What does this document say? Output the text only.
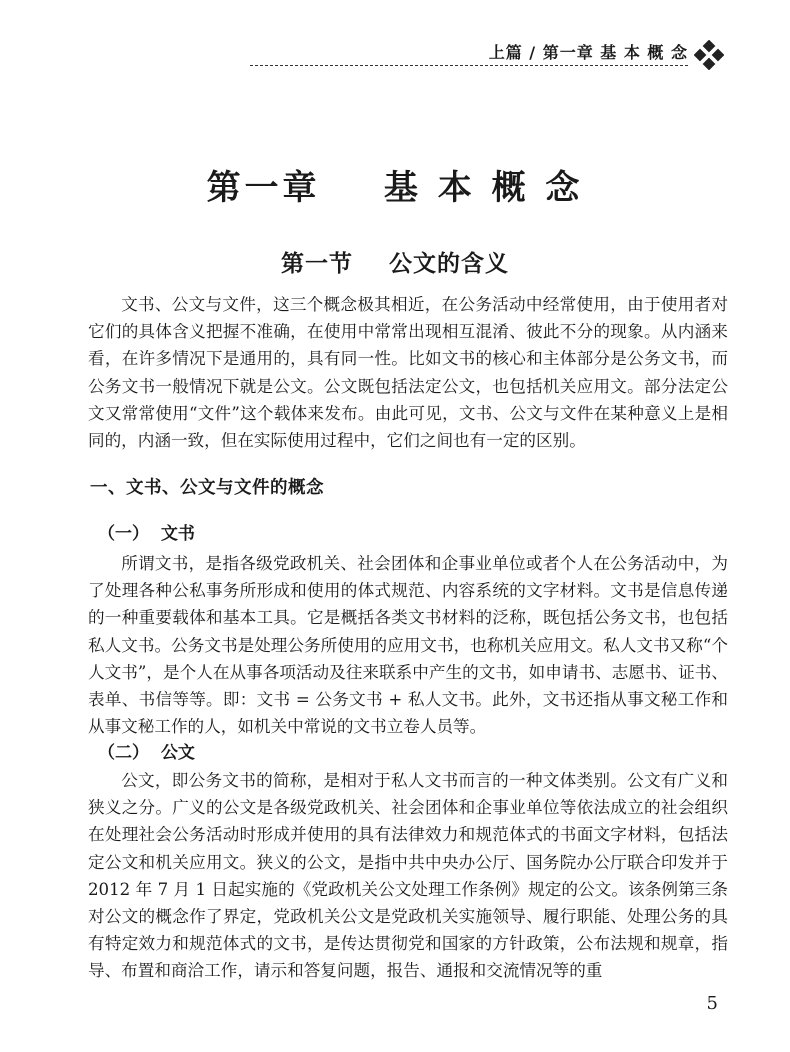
上篇 / 第一章 基 本 概 念
第一章    基 本 概 念
第一节    公文的含义

文书、公文与文件，这三个概念极其相近，在公务活动中经常使用，由于使用者对它们的具体含义把握不准确，在使用中常常出现相互混淆、彼此不分的现象。从内涵来看，在许多情况下是通用的，具有同一性。比如文书的核心和主体部分是公务文书，而公务文书一般情况下就是公文。公文既包括法定公文，也包括机关应用文。部分法定公文又常常使用“文件”这个载体来发布。由此可见，文书、公文与文件在某种意义上是相同的，内涵一致，但在实际使用过程中，它们之间也有一定的区别。

一、文书、公文与文件的概念
（一）  文书

所谓文书，是指各级党政机关、社会团体和企事业单位或者个人在公务活动中，为了处理各种公私事务所形成和使用的体式规范、内容系统的文字材料。文书是信息传递的一种重要载体和基本工具。它是概括各类文书材料的泛称，既包括公务文书，也包括私人文书。公务文书是处理公务所使用的应用文书，也称机关应用文。私人文书又称“个人文书”，是个人在从事各项活动及往来联系中产生的文书，如申请书、志愿书、证书、表单、书信等等。即：文书 = 公务文书 + 私人文书。此外，文书还指从事文秘工作和从事文秘工作的人，如机关中常说的文书立卷人员等。

（二）  公文

公文，即公务文书的简称，是相对于私人文书而言的一种文体类别。公文有广义和狭义之分。广义的公文是各级党政机关、社会团体和企事业单位等依法成立的社会组织在处理社会公务活动时形成并使用的具有法律效力和规范体式的书面文字材料，包括法定公文和机关应用文。狭义的公文，是指中共中央办公厅、国务院办公厅联合印发并于 2012 年 7 月 1 日起实施的《党政机关公文处理工作条例》规定的公文。该条例第三条对公文的概念作了界定，党政机关公文是党政机关实施领导、履行职能、处理公务的具有特定效力和规范体式的文书，是传达贯彻党和国家的方针政策，公布法规和规章，指导、布置和商洽工作，请示和答复问题，报告、通报和交流情况等的重

5
